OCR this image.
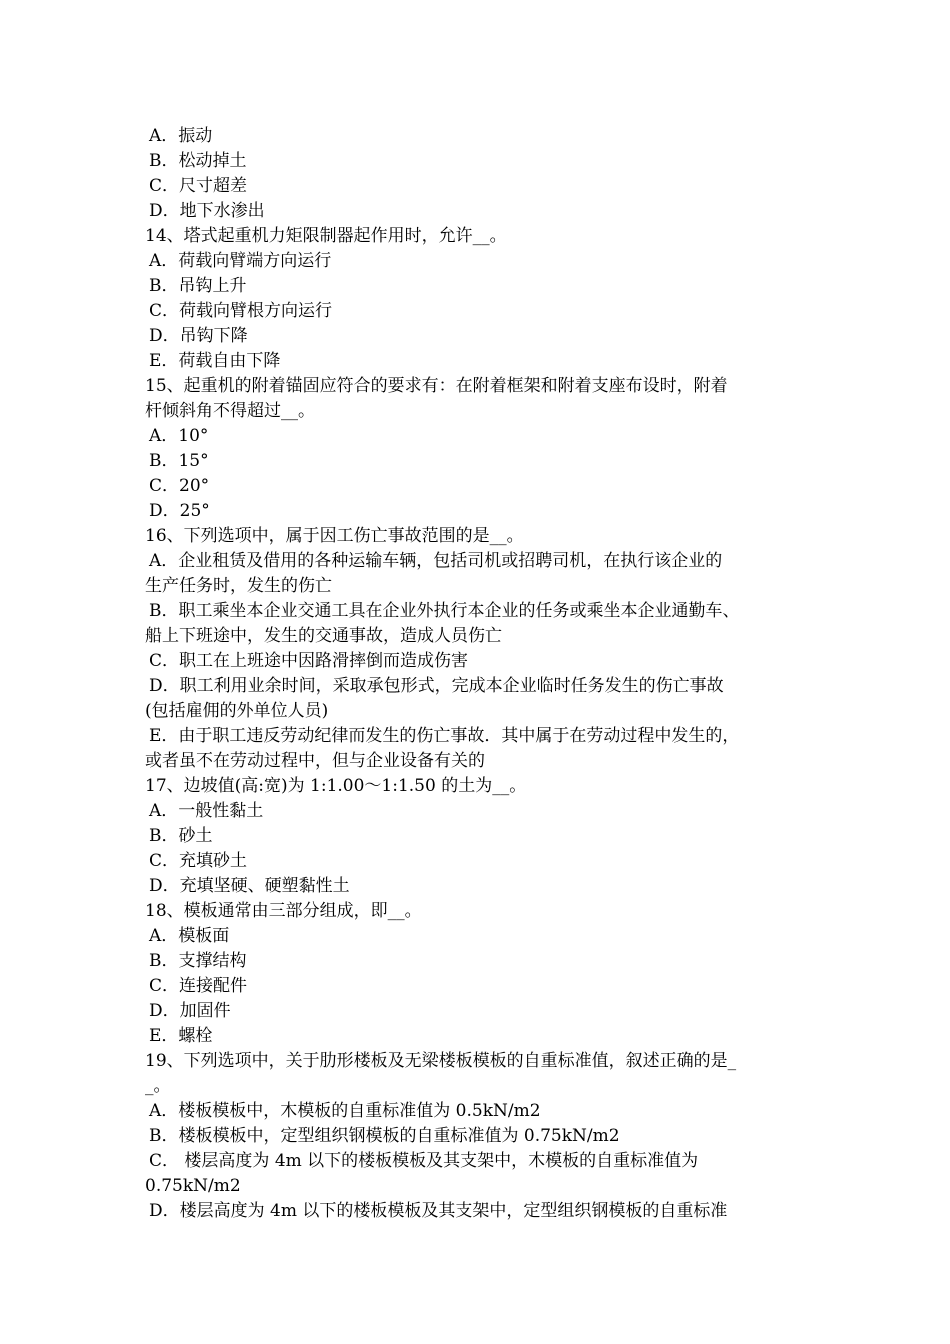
A．振动
B．松动掉土
C．尺寸超差
D．地下水渗出
14、塔式起重机力矩限制器起作用时，允许__。
A．荷载向臂端方向运行
B．吊钩上升
C．荷载向臂根方向运行
D．吊钩下降
E．荷载自由下降
15、起重机的附着锚固应符合的要求有：在附着框架和附着支座布设时，附着
杆倾斜角不得超过__。
A．10°
B．15°
C．20°
D．25°
16、下列选项中，属于因工伤亡事故范围的是__。
A．企业租赁及借用的各种运输车辆，包括司机或招聘司机，在执行该企业的
生产任务时，发生的伤亡
B．职工乘坐本企业交通工具在企业外执行本企业的任务或乘坐本企业通勤车、
船上下班途中，发生的交通事故，造成人员伤亡
C．职工在上班途中因路滑摔倒而造成伤害
D．职工利用业余时间，采取承包形式，完成本企业临时任务发生的伤亡事故
(包括雇佣的外单位人员)
E．由于职工违反劳动纪律而发生的伤亡事故．其中属于在劳动过程中发生的，
或者虽不在劳动过程中，但与企业设备有关的
17、边坡值(高:宽)为 1:1.00～1:1.50 的土为__。
A．一般性黏土
B．砂土
C．充填砂土
D．充填坚硬、硬塑黏性土
18、模板通常由三部分组成，即__。
A．模板面
B．支撑结构
C．连接配件
D．加固件
E．螺栓
19、下列选项中，关于肋形楼板及无梁楼板模板的自重标准值，叙述正确的是_
_。
A．楼板模板中，木模板的自重标准值为 0.5kN/m2
B．楼板模板中，定型组织钢模板的自重标准值为 0.75kN/m2
C． 楼层高度为 4m 以下的楼板模板及其支架中，木模板的自重标准值为
0.75kN/m2
D．楼层高度为 4m 以下的楼板模板及其支架中，定型组织钢模板的自重标准
